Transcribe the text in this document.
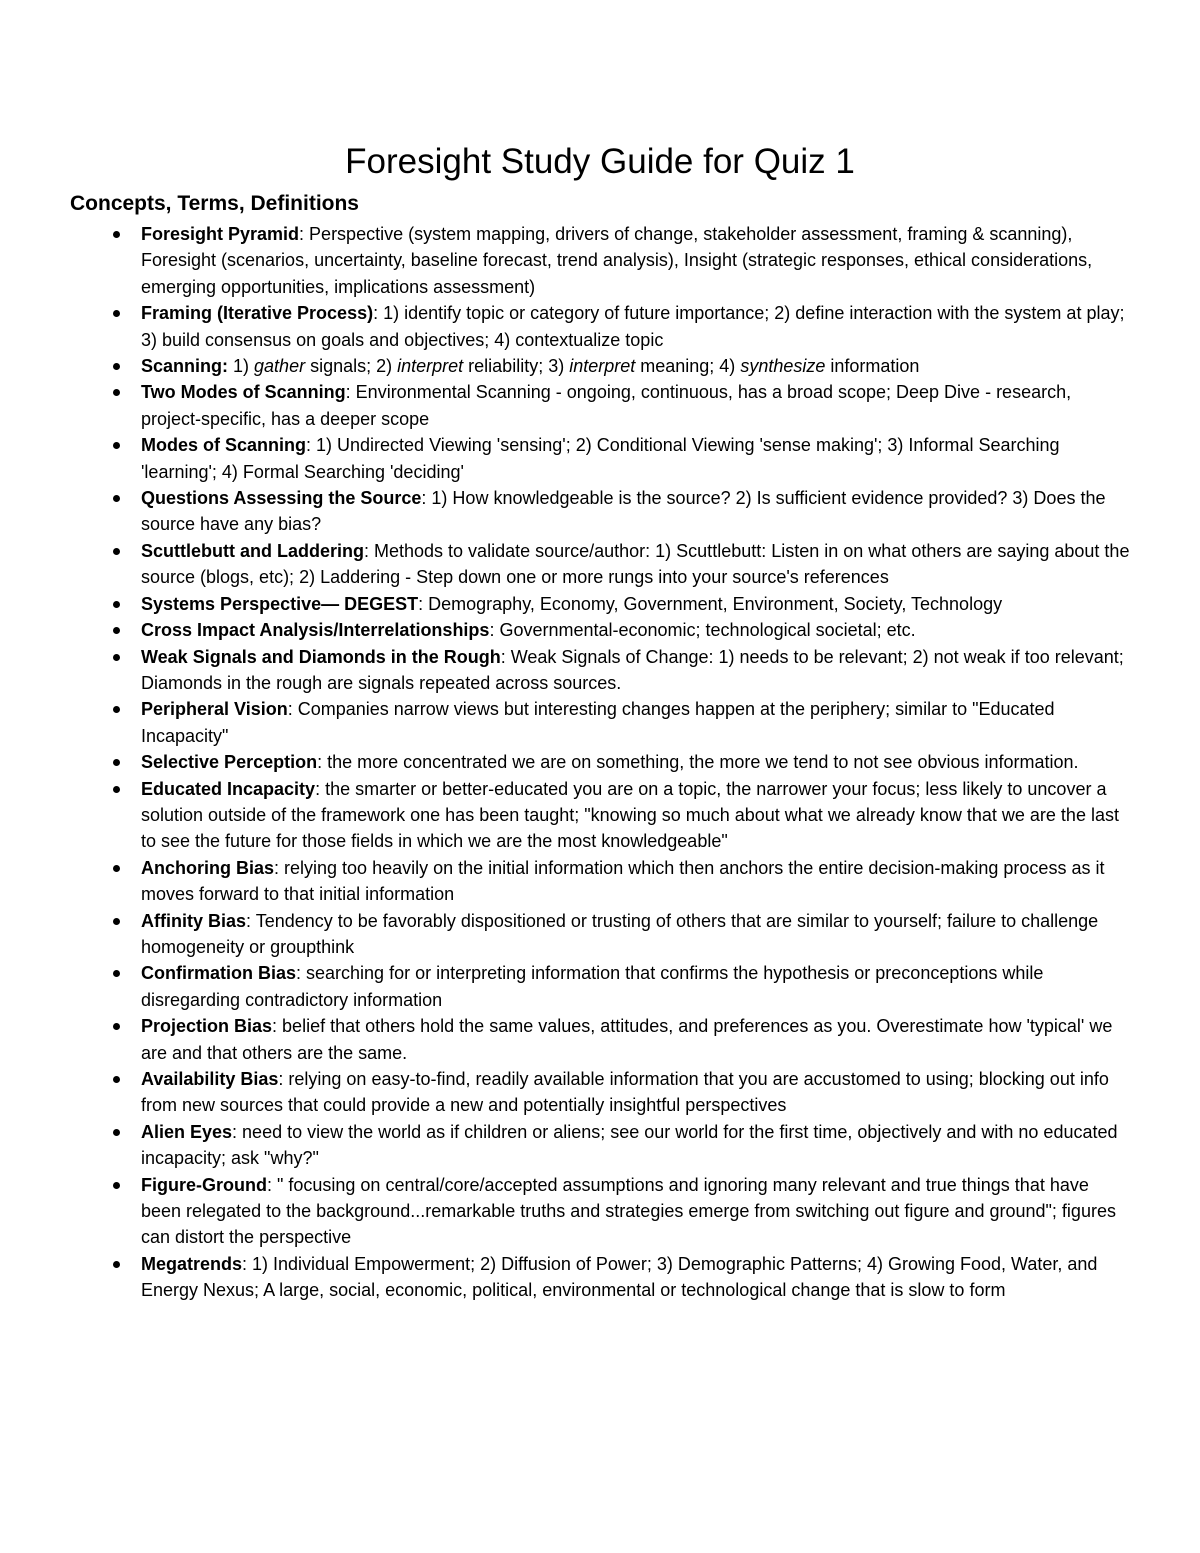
Foresight Study Guide for Quiz 1
Concepts, Terms, Definitions
Foresight Pyramid: Perspective (system mapping, drivers of change, stakeholder assessment, framing & scanning), Foresight (scenarios, uncertainty, baseline forecast, trend analysis), Insight (strategic responses, ethical considerations, emerging opportunities, implications assessment)
Framing (Iterative Process): 1) identify topic or category of future importance; 2) define interaction with the system at play; 3) build consensus on goals and objectives; 4) contextualize topic
Scanning: 1) gather signals; 2) interpret reliability; 3) interpret meaning; 4) synthesize information
Two Modes of Scanning: Environmental Scanning - ongoing, continuous, has a broad scope; Deep Dive - research, project-specific, has a deeper scope
Modes of Scanning: 1) Undirected Viewing 'sensing'; 2) Conditional Viewing 'sense making'; 3) Informal Searching 'learning'; 4) Formal Searching 'deciding'
Questions Assessing the Source: 1) How knowledgeable is the source? 2) Is sufficient evidence provided? 3) Does the source have any bias?
Scuttlebutt and Laddering: Methods to validate source/author: 1) Scuttlebutt: Listen in on what others are saying about the source (blogs, etc); 2) Laddering - Step down one or more rungs into your source's references
Systems Perspective— DEGEST: Demography, Economy, Government, Environment, Society, Technology
Cross Impact Analysis/Interrelationships: Governmental-economic; technological societal; etc.
Weak Signals and Diamonds in the Rough: Weak Signals of Change: 1) needs to be relevant; 2) not weak if too relevant; Diamonds in the rough are signals repeated across sources.
Peripheral Vision: Companies narrow views but interesting changes happen at the periphery; similar to "Educated Incapacity"
Selective Perception: the more concentrated we are on something, the more we tend to not see obvious information.
Educated Incapacity: the smarter or better-educated you are on a topic, the narrower your focus; less likely to uncover a solution outside of the framework one has been taught; "knowing so much about what we already know that we are the last to see the future for those fields in which we are the most knowledgeable"
Anchoring Bias: relying too heavily on the initial information which then anchors the entire decision-making process as it moves forward to that initial information
Affinity Bias: Tendency to be favorably dispositioned or trusting of others that are similar to yourself; failure to challenge homogeneity or groupthink
Confirmation Bias: searching for or interpreting information that confirms the hypothesis or preconceptions while disregarding contradictory information
Projection Bias: belief that others hold the same values, attitudes, and preferences as you. Overestimate how 'typical' we are and that others are the same.
Availability Bias: relying on easy-to-find, readily available information that you are accustomed to using; blocking out info from new sources that could provide a new and potentially insightful perspectives
Alien Eyes: need to view the world as if children or aliens; see our world for the first time, objectively and with no educated incapacity; ask "why?"
Figure-Ground: " focusing on central/core/accepted assumptions and ignoring many relevant and true things that have been relegated to the background...remarkable truths and strategies emerge from switching out figure and ground"; figures can distort the perspective
Megatrends: 1) Individual Empowerment; 2) Diffusion of Power; 3) Demographic Patterns; 4) Growing Food, Water, and Energy Nexus; A large, social, economic, political, environmental or technological change that is slow to form
